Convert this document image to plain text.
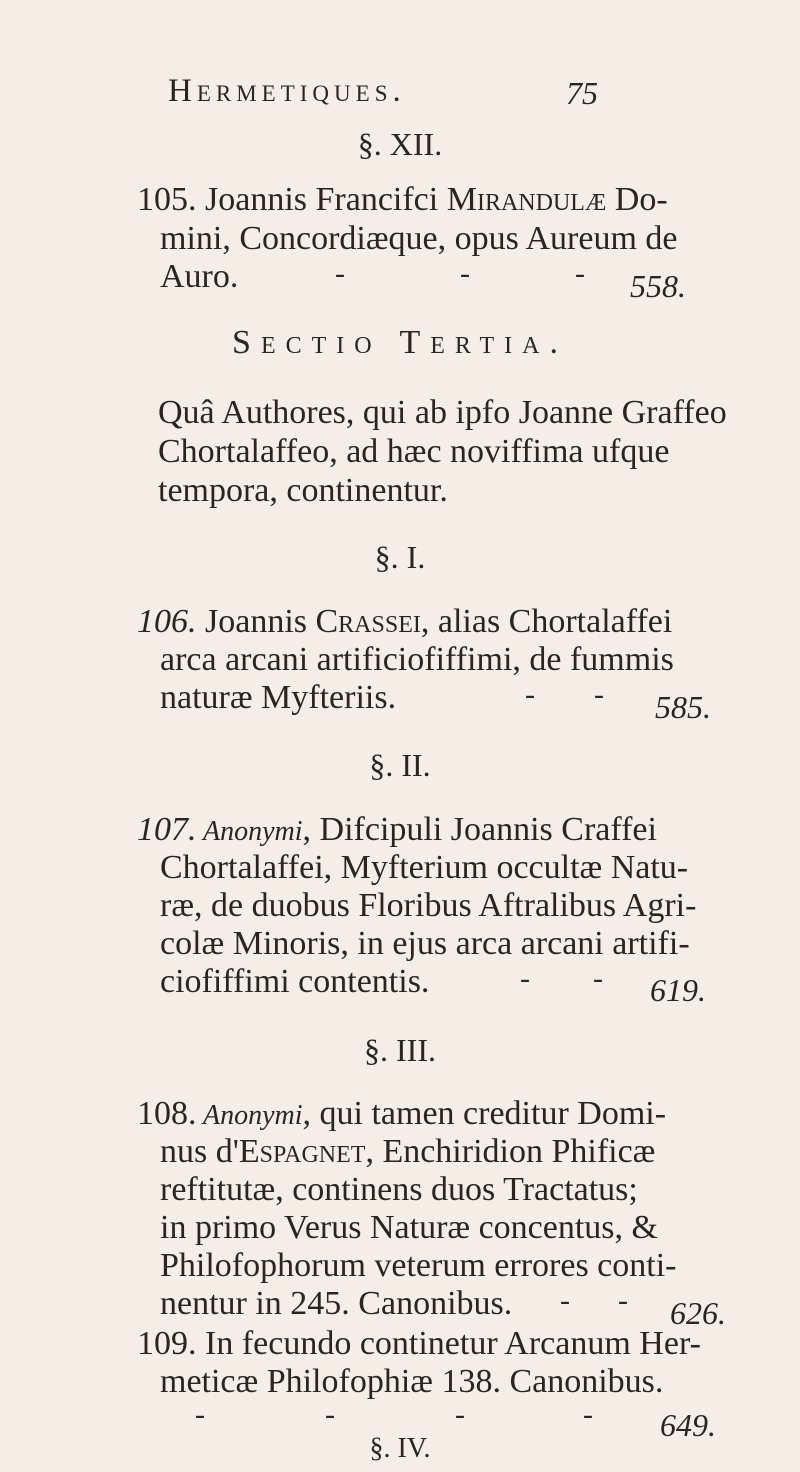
Hermetiques.	75
§. XII.
105. Joannis Francifci Mirandulæ Do-
mini, Concordiæque, opus Aureum de
Auro.	-	-	- 558.
Sectio Tertia.
Quâ Authores, qui ab ipfo Joanne Graffeo
Chortalaffeo, ad hæc noviffima ufque
tempora, continentur.
§. I.
106. Joannis Crassei, alias Chortalaffei
arca arcani artificiofiffimi, de fummis
naturæ Myfteriis.	- - 585.
§. II.
107. Anonymi, Difcipuli Joannis Craffei
Chortalaffei, Myfterium occultæ Natu-
ræ, de duobus Floribus Aftralibus Agri-
colæ Minoris, in ejus arca arcani artifi-
ciofiffimi contentis.	- - 619.
§. III.
108. Anonymi, qui tamen creditur Domi-
nus d'Espagnet, Enchiridion Phificæ
reftitutæ, continens duos Tractatus;
in primo Verus Naturæ concentus, &
Philofophorum veterum errores conti-
nentur in 245. Canonibus. - - 626.
109. In fecundo continetur Arcanum Her-
meticæ Philofophiæ 138. Canonibus.
-	-	-	- 649.
§. IV.
